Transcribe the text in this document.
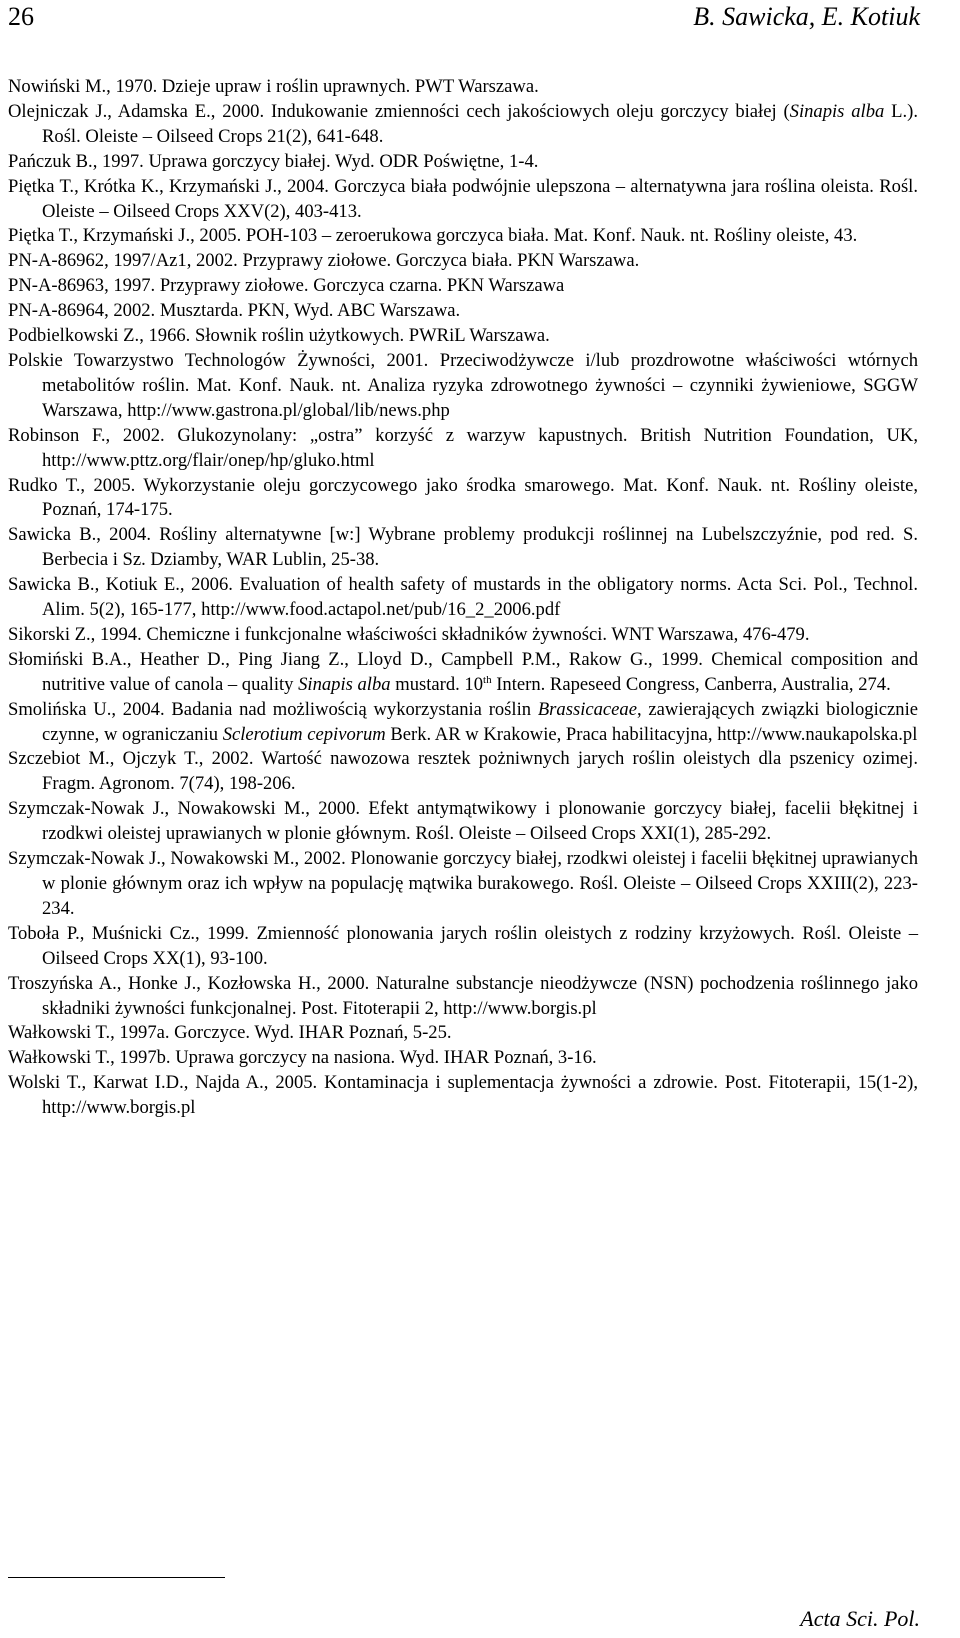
26	B. Sawicka, E. Kotiuk

Nowiński M., 1970. Dzieje upraw i roślin uprawnych. PWT Warszawa.

Olejniczak J., Adamska E., 2000. Indukowanie zmienności cech jakościowych oleju gorczycy białej (Sinapis alba L.). Rośl. Oleiste – Oilseed Crops 21(2), 641-648.

Pańczuk B., 1997. Uprawa gorczycy białej. Wyd. ODR Poświętne, 1-4.

Piętka T., Krótka K., Krzymański J., 2004. Gorczyca biała podwójnie ulepszona – alternatywna jara roślina oleista. Rośl. Oleiste – Oilseed Crops XXV(2), 403-413.

Piętka T., Krzymański J., 2005. POH-103 – zeroerukowa gorczyca biała. Mat. Konf. Nauk. nt. Rośliny oleiste, 43.

PN-A-86962, 1997/Az1, 2002. Przyprawy ziołowe. Gorczyca biała. PKN Warszawa.

PN-A-86963, 1997. Przyprawy ziołowe. Gorczyca czarna. PKN Warszawa

PN-A-86964, 2002. Musztarda. PKN, Wyd. ABC Warszawa.

Podbielkowski Z., 1966. Słownik roślin użytkowych. PWRiL Warszawa.

Polskie Towarzystwo Technologów Żywności, 2001. Przeciwodżywcze i/lub prozdrowotne właściwości wtórnych metabolitów roślin. Mat. Konf. Nauk. nt. Analiza ryzyka zdrowotnego żywności – czynniki żywieniowe, SGGW Warszawa, http://www.gastrona.pl/global/lib/news.php

Robinson F., 2002. Glukozynolany: „ostra” korzyść z warzyw kapustnych. British Nutrition Foundation, UK, http://www.pttz.org/flair/onep/hp/gluko.html

Rudko T., 2005. Wykorzystanie oleju gorczycowego jako środka smarowego. Mat. Konf. Nauk. nt. Rośliny oleiste, Poznań, 174-175.

Sawicka B., 2004. Rośliny alternatywne [w:] Wybrane problemy produkcji roślinnej na Lubelszczyźnie, pod red. S. Berbecia i Sz. Dziamby, WAR Lublin, 25-38.

Sawicka B., Kotiuk E., 2006. Evaluation of health safety of mustards in the obligatory norms. Acta Sci. Pol., Technol. Alim. 5(2), 165-177, http://www.food.actapol.net/pub/16_2_2006.pdf

Sikorski Z., 1994. Chemiczne i funkcjonalne właściwości składników żywności. WNT Warszawa, 476-479.

Słomiński B.A., Heather D., Ping Jiang Z., Lloyd D., Campbell P.M., Rakow G., 1999. Chemical composition and nutritive value of canola – quality Sinapis alba mustard. 10th Intern. Rapeseed Congress, Canberra, Australia, 274.

Smolińska U., 2004. Badania nad możliwością wykorzystania roślin Brassicaceae, zawierających związki biologicznie czynne, w ograniczaniu Sclerotium cepivorum Berk. AR w Krakowie, Praca habilitacyjna, http://www.naukapolska.pl

Szczebiot M., Ojczyk T., 2002. Wartość nawozowa resztek pożniwnych jarych roślin oleistych dla pszenicy ozimej. Fragm. Agronom. 7(74), 198-206.

Szymczak-Nowak J., Nowakowski M., 2000. Efekt antymątwikowy i plonowanie gorczycy białej, facelii błękitnej i rzodkwi oleistej uprawianych w plonie głównym. Rośl. Oleiste – Oilseed Crops XXI(1), 285-292.

Szymczak-Nowak J., Nowakowski M., 2002. Plonowanie gorczycy białej, rzodkwi oleistej i facelii błękitnej uprawianych w plonie głównym oraz ich wpływ na populację mątwika burakowego. Rośl. Oleiste – Oilseed Crops XXIII(2), 223-234.

Toboła P., Muśnicki Cz., 1999. Zmienność plonowania jarych roślin oleistych z rodziny krzyżowych. Rośl. Oleiste – Oilseed Crops XX(1), 93-100.

Troszyńska A., Honke J., Kozłowska H., 2000. Naturalne substancje nieodżywcze (NSN) pochodzenia roślinnego jako składniki żywności funkcjonalnej. Post. Fitoterapii 2, http://www.borgis.pl

Wałkowski T., 1997a. Gorczyce. Wyd. IHAR Poznań, 5-25.

Wałkowski T., 1997b. Uprawa gorczycy na nasiona. Wyd. IHAR Poznań, 3-16.

Wolski T., Karwat I.D., Najda A., 2005. Kontaminacja i suplementacja żywności a zdrowie. Post. Fitoterapii, 15(1-2), http://www.borgis.pl

Acta Sci. Pol.
